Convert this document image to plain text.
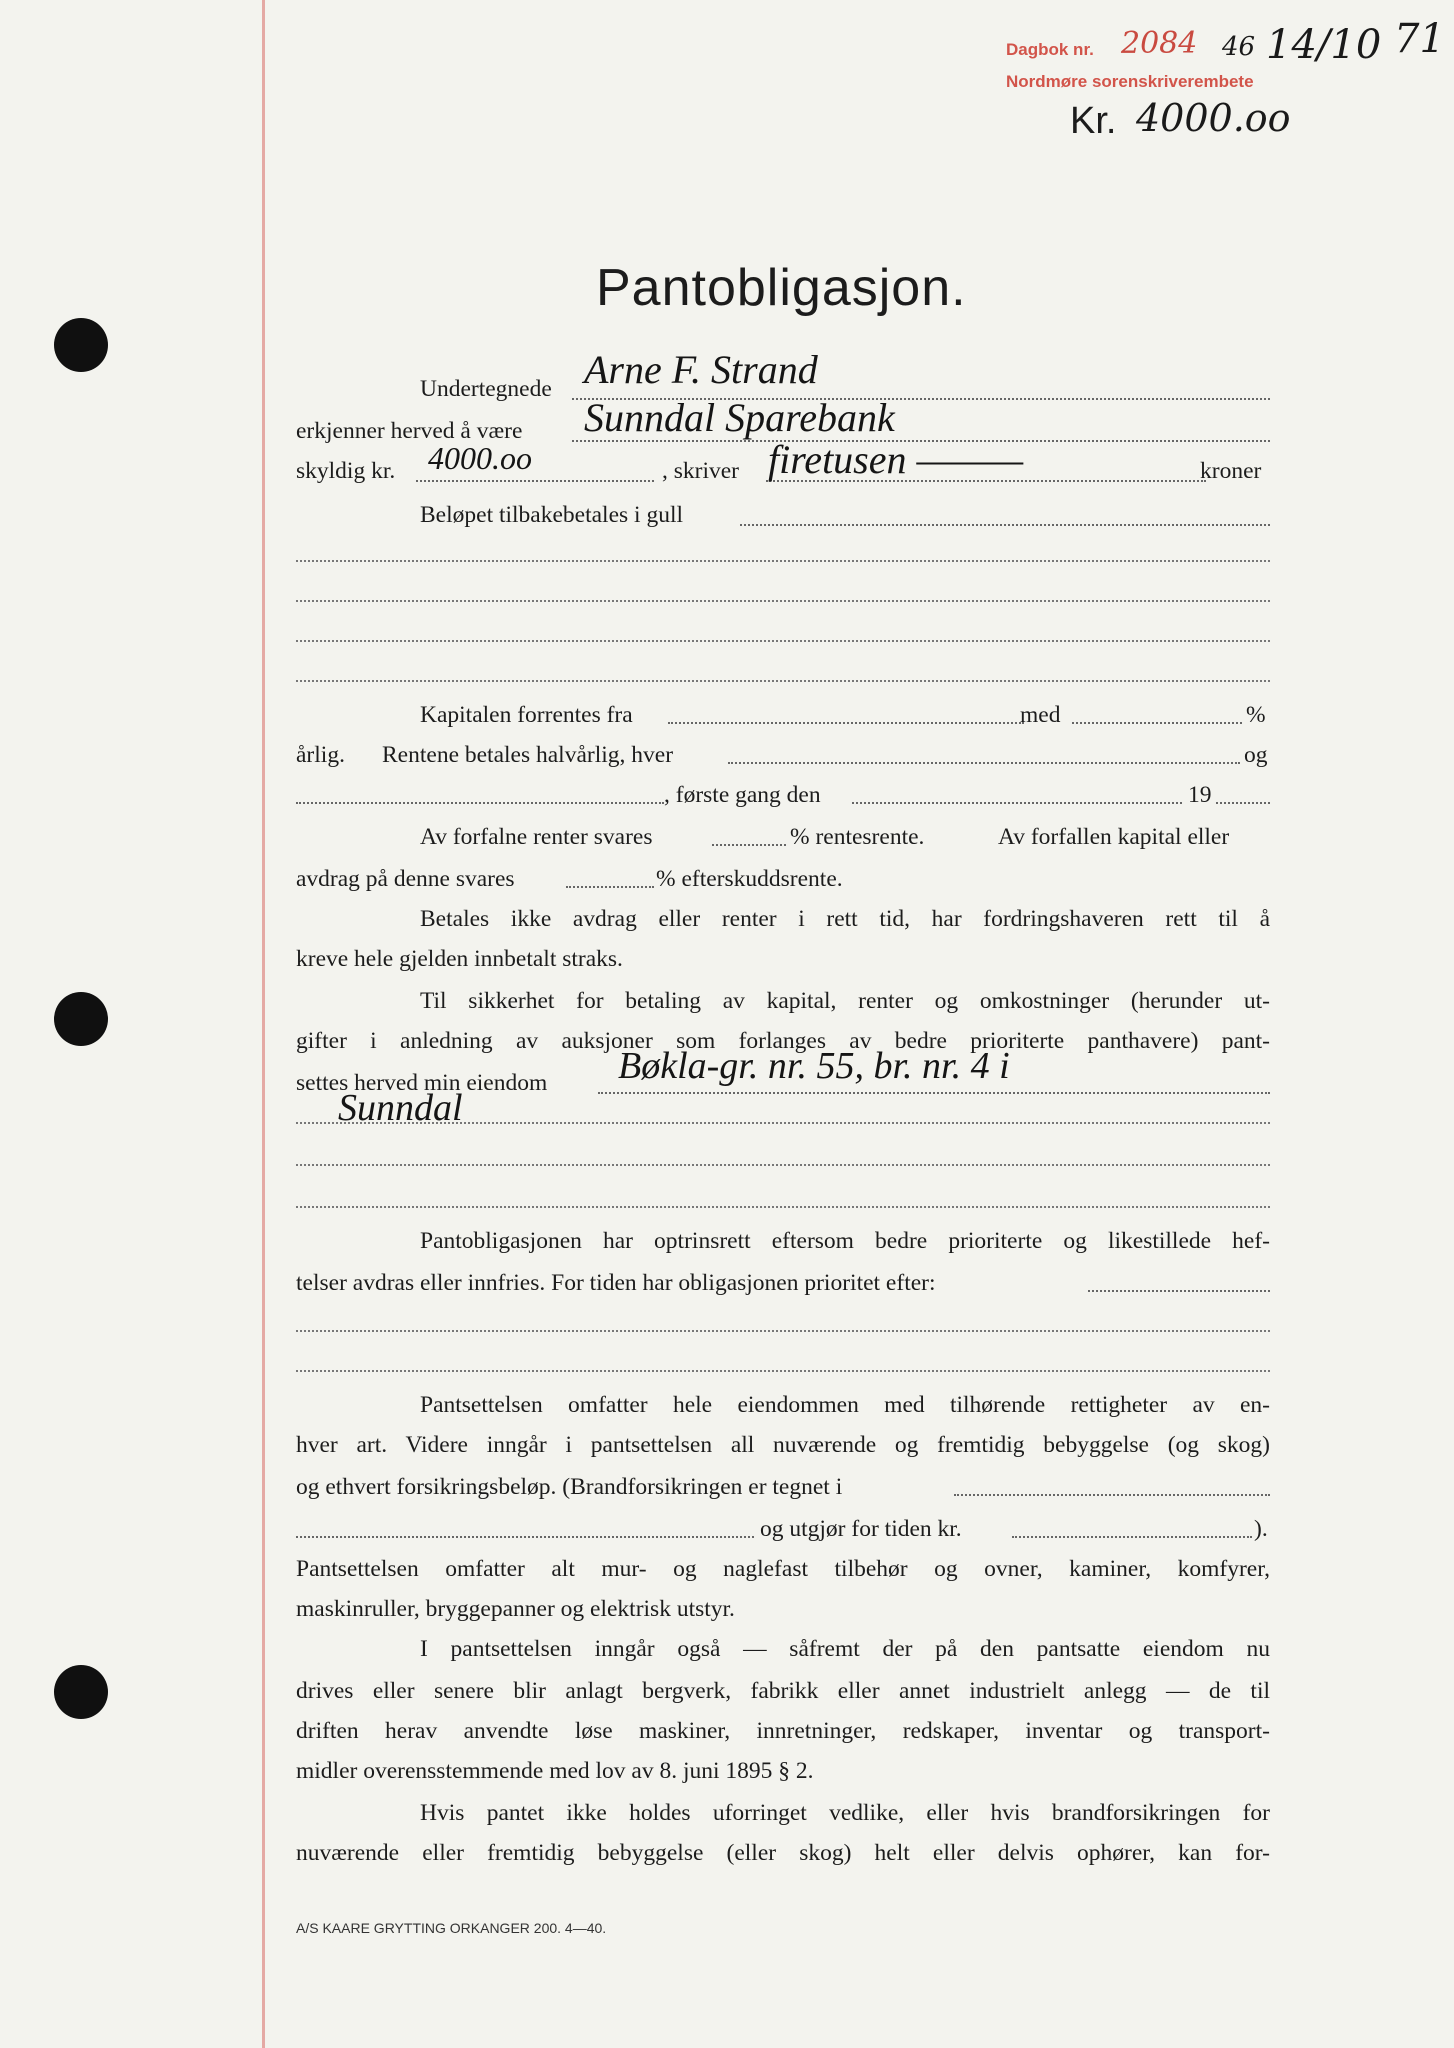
Dagbok nr. 2084 46 14/10 71
Nordmøre sorenskriverembete
Kr. 4000.oo
Pantobligasjon.
Undertegnede Arne F. Strand
erkjenner herved å være Sunndal Sparebank
skyldig kr. 4000.oo	, skriver firetusen ———	kroner
Beløpet tilbakebetales i gull
Kapitalen forrentes fra	med	%
årlig. Rentene betales halvårlig, hver	og
, første gang den	19
Av forfalne renter svares	% rentesrente.	Av forfallen kapital eller
avdrag på denne svares	% efterskuddsrente.
Betales ikke avdrag eller renter i rett tid, har fordringshaveren rett til å
kreve hele gjelden innbetalt straks.
Til sikkerhet for betaling av kapital, renter og omkostninger (herunder ut-
gifter i anledning av auksjoner som forlanges av bedre prioriterte panthavere) pant-
settes herved min eiendom Bøkla-gr. nr. 55, br. nr. 4 i
Sunndal
Pantobligasjonen har optrinsrett eftersom bedre prioriterte og likestillede hef-
telser avdras eller innfries. For tiden har obligasjonen prioritet efter:
Pantsettelsen omfatter hele eiendommen med tilhørende rettigheter av en-
hver art. Videre inngår i pantsettelsen all nuværende og fremtidig bebyggelse (og skog)
og ethvert forsikringsbeløp. (Brandforsikringen er tegnet i
og utgjør for tiden kr.	).
Pantsettelsen omfatter alt mur- og naglefast tilbehør og ovner, kaminer, komfyrer,
maskinruller, bryggepanner og elektrisk utstyr.
I pantsettelsen inngår også — såfremt der på den pantsatte eiendom nu
drives eller senere blir anlagt bergverk, fabrikk eller annet industrielt anlegg — de til
driften herav anvendte løse maskiner, innretninger, redskaper, inventar og transport-
midler overensstemmende med lov av 8. juni 1895 § 2.
Hvis pantet ikke holdes uforringet vedlike, eller hvis brandforsikringen for
nuværende eller fremtidig bebyggelse (eller skog) helt eller delvis ophører, kan for-
A/S KAARE GRYTTING ORKANGER 200. 4—40.
